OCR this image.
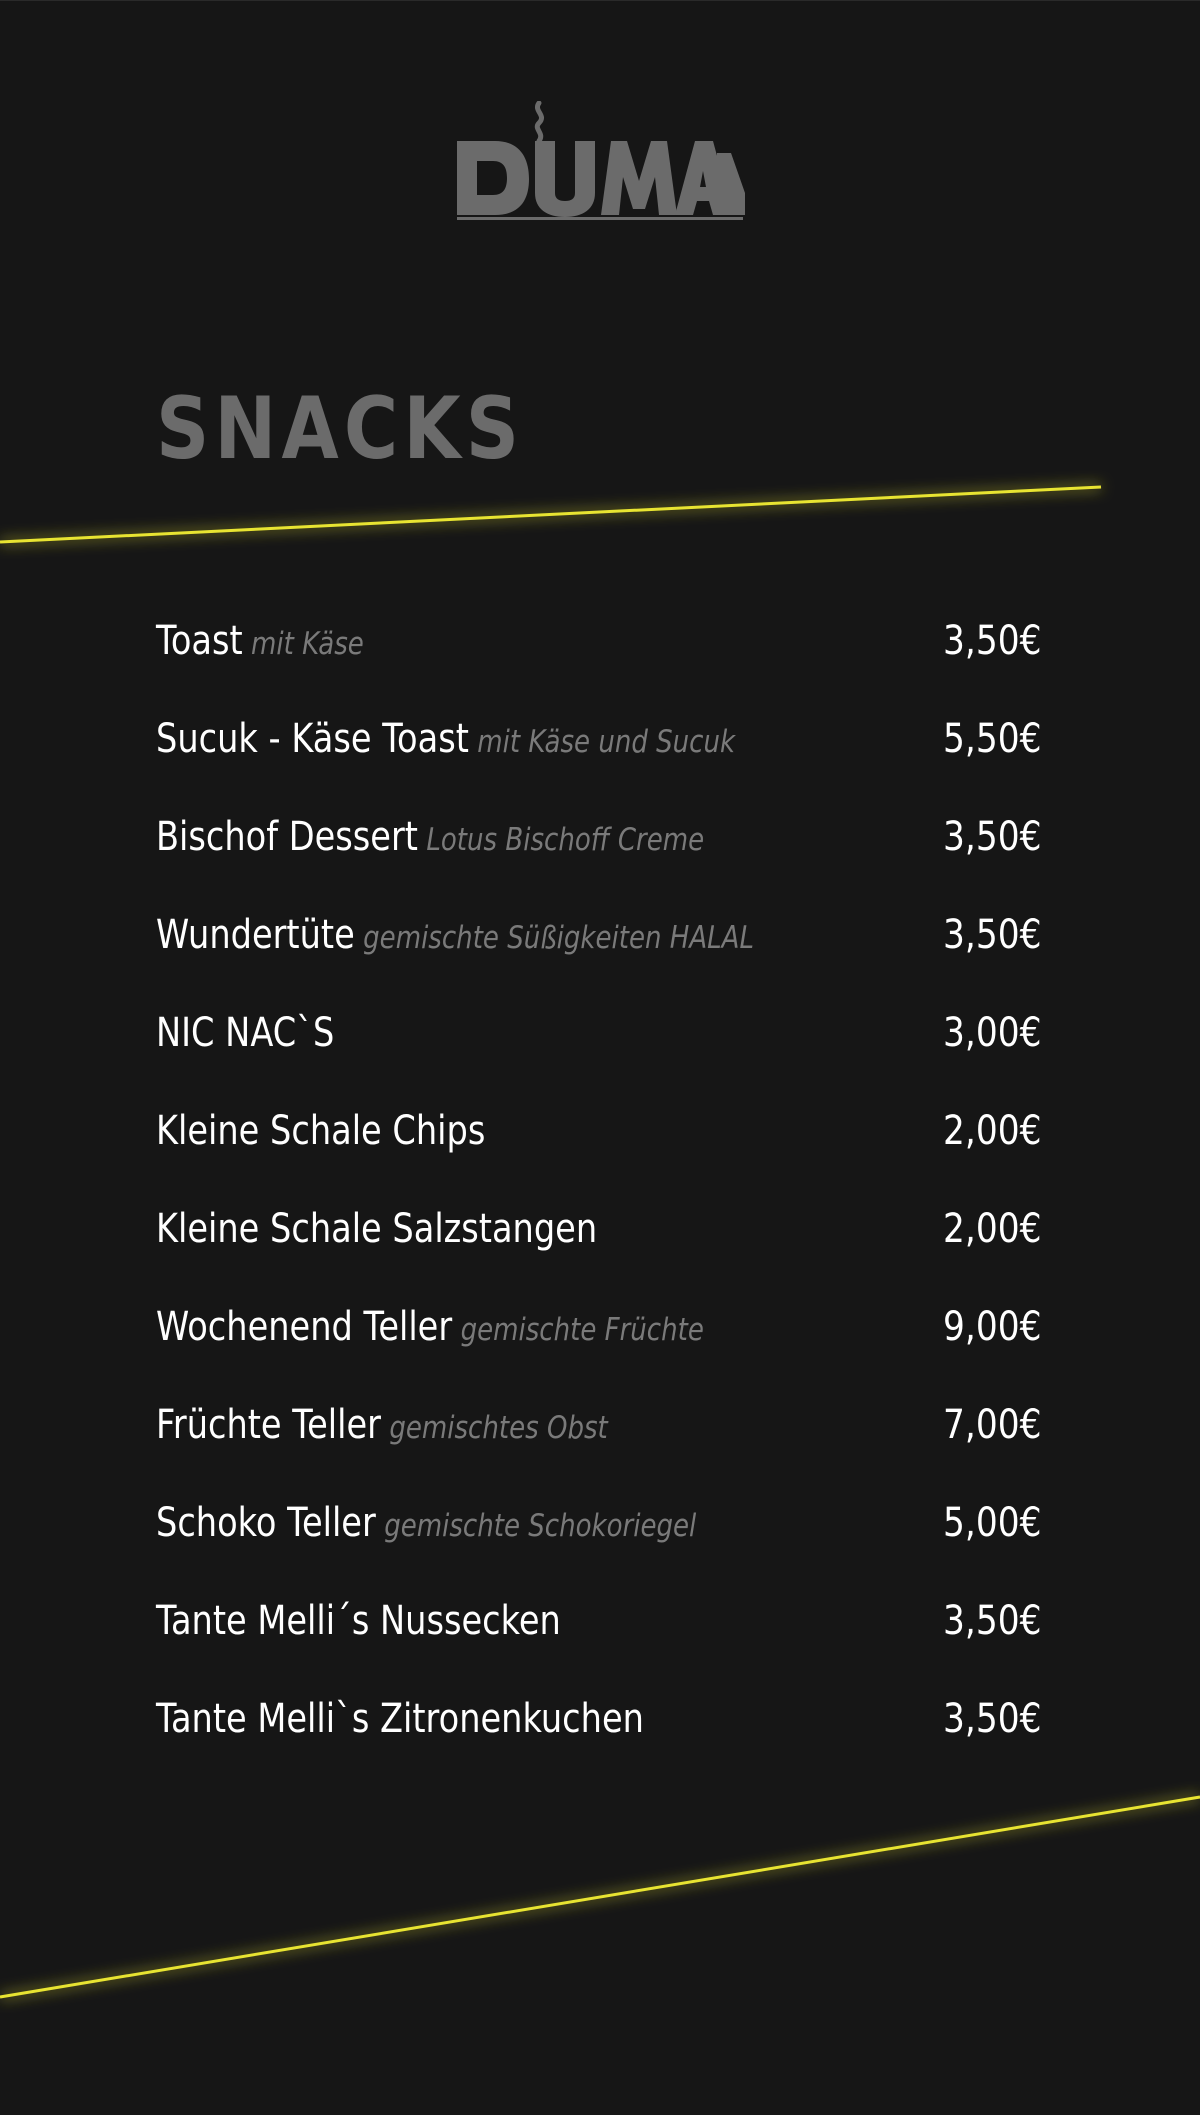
SNACKS
Toast mit Käse	3,50€
Sucuk - Käse Toast mit Käse und Sucuk	5,50€
Bischof Dessert Lotus Bischoff Creme	3,50€
Wundertüte gemischte Süßigkeiten HALAL	3,50€
NIC NAC`S	3,00€
Kleine Schale Chips	2,00€
Kleine Schale Salzstangen	2,00€
Wochenend Teller gemischte Früchte	9,00€
Früchte Teller gemischtes Obst	7,00€
Schoko Teller gemischte Schokoriegel	5,00€
Tante Melli´s Nussecken	3,50€
Tante Melli`s Zitronenkuchen	3,50€
